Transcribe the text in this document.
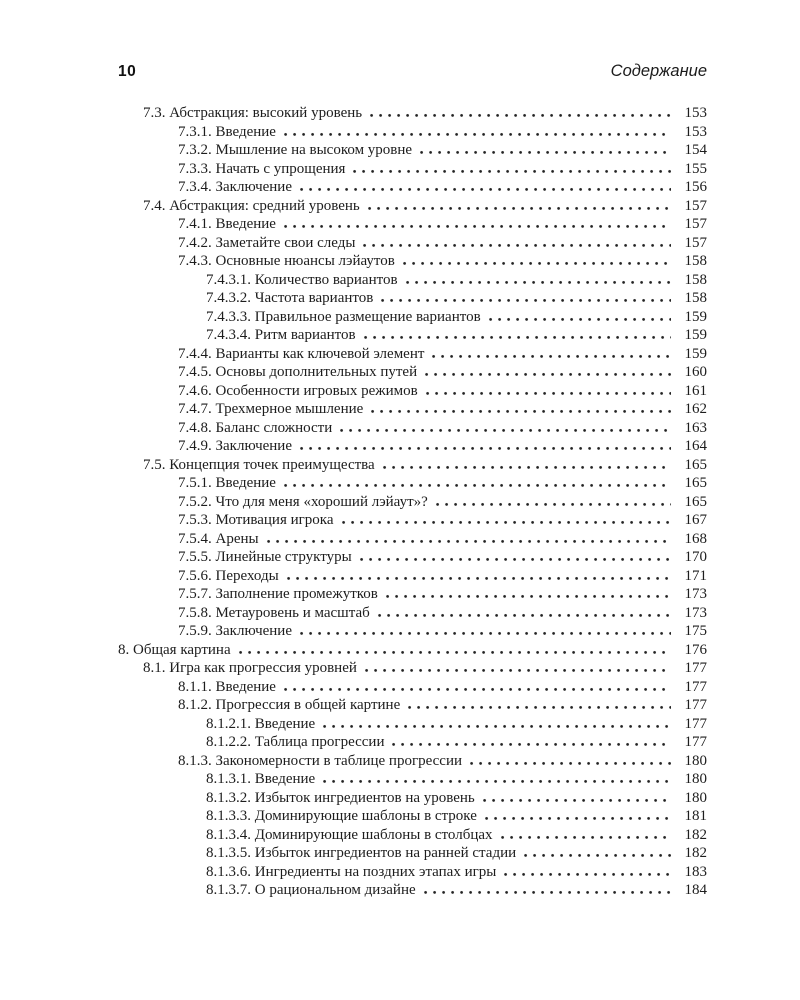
10	Содержание
7.3. Абстракция: высокий уровень	153
7.3.1. Введение	153
7.3.2. Мышление на высоком уровне	154
7.3.3. Начать с упрощения	155
7.3.4. Заключение	156
7.4. Абстракция: средний уровень	157
7.4.1. Введение	157
7.4.2. Заметайте свои следы	157
7.4.3. Основные нюансы лэйаутов	158
7.4.3.1. Количество вариантов	158
7.4.3.2. Частота вариантов	158
7.4.3.3. Правильное размещение вариантов	159
7.4.3.4. Ритм вариантов	159
7.4.4. Варианты как ключевой элемент	159
7.4.5. Основы дополнительных путей	160
7.4.6. Особенности игровых режимов	161
7.4.7. Трехмерное мышление	162
7.4.8. Баланс сложности	163
7.4.9. Заключение	164
7.5. Концепция точек преимущества	165
7.5.1. Введение	165
7.5.2. Что для меня «хороший лэйаут»?	165
7.5.3. Мотивация игрока	167
7.5.4. Арены	168
7.5.5. Линейные структуры	170
7.5.6. Переходы	171
7.5.7. Заполнение промежутков	173
7.5.8. Метауровень и масштаб	173
7.5.9. Заключение	175
8. Общая картина	176
8.1. Игра как прогрессия уровней	177
8.1.1. Введение	177
8.1.2. Прогрессия в общей картине	177
8.1.2.1. Введение	177
8.1.2.2. Таблица прогрессии	177
8.1.3. Закономерности в таблице прогрессии	180
8.1.3.1. Введение	180
8.1.3.2. Избыток ингредиентов на уровень	180
8.1.3.3. Доминирующие шаблоны в строке	181
8.1.3.4. Доминирующие шаблоны в столбцах	182
8.1.3.5. Избыток ингредиентов на ранней стадии	182
8.1.3.6. Ингредиенты на поздних этапах игры	183
8.1.3.7. О рациональном дизайне	184
